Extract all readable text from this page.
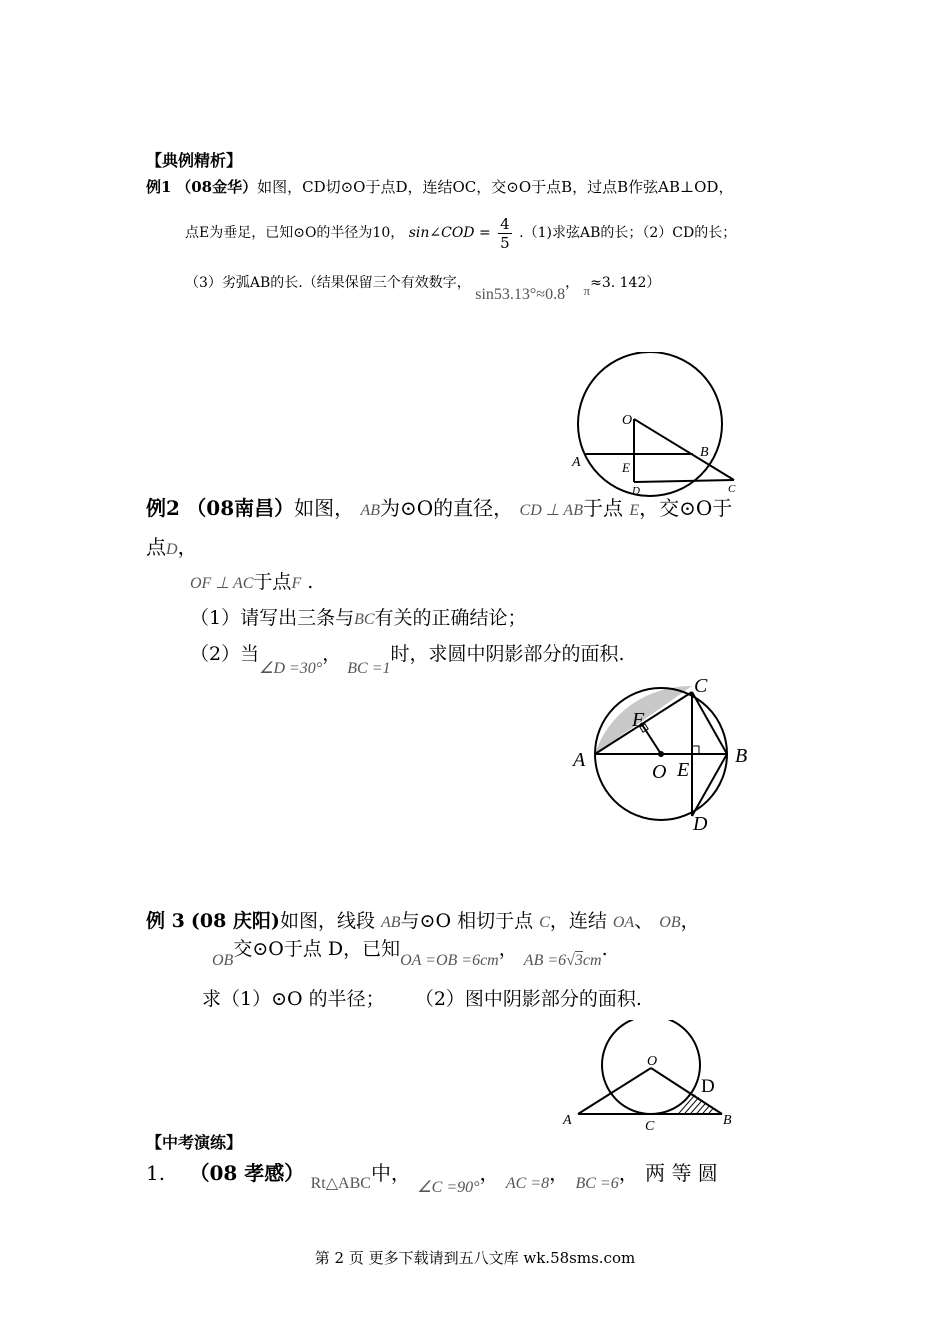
【典例精析】
例1 （08金华）如图，CD切⊙O于点D，连结OC，交⊙O于点B，过点B作弦AB⊥OD，
点E为垂足，已知⊙O的半径为10， sin∠COD = $\frac{4}{5} .(1)$求弦AB的长；（2）CD的长；
（3）劣弧AB的长.（结果保留三个有效数字， sin53.13°≈0.8， π≈3. 142）
O
A
B
E
D	C
例2 （08南昌）如图， AB为⊙O的直径， CD ⊥ AB于点 E，交⊙O于
点D，
OF ⊥ AC于点F .
（1）请写出三条与BC有关的正确结论；
（2）当$_{\angle D =30^\circ}$， $_{BC =1}$时，求圆中阴影部分的面积.
C
F
A
O E
B
D
例 3 (08 庆阳)如图，线段 AB与⊙O 相切于点 C，连结 OA、 OB，
$_{OB}$交⊙O于点 D，已知$_{OA =OB =6cm}$， $_{AB =6√3cm}$.
求（1）⊙O 的半径；     （2）图中阴影部分的面积.
O
D
A	C	B
【中考演练】
1. （08 孝感） $_{Rt\triangle ABC}$中， $_{\angle C =90^\circ}$， $_{AC =8}$， $_{BC =6}$， 两 等 圆
第 2 页 更多下载请到五八文库 wk.58sms.com
